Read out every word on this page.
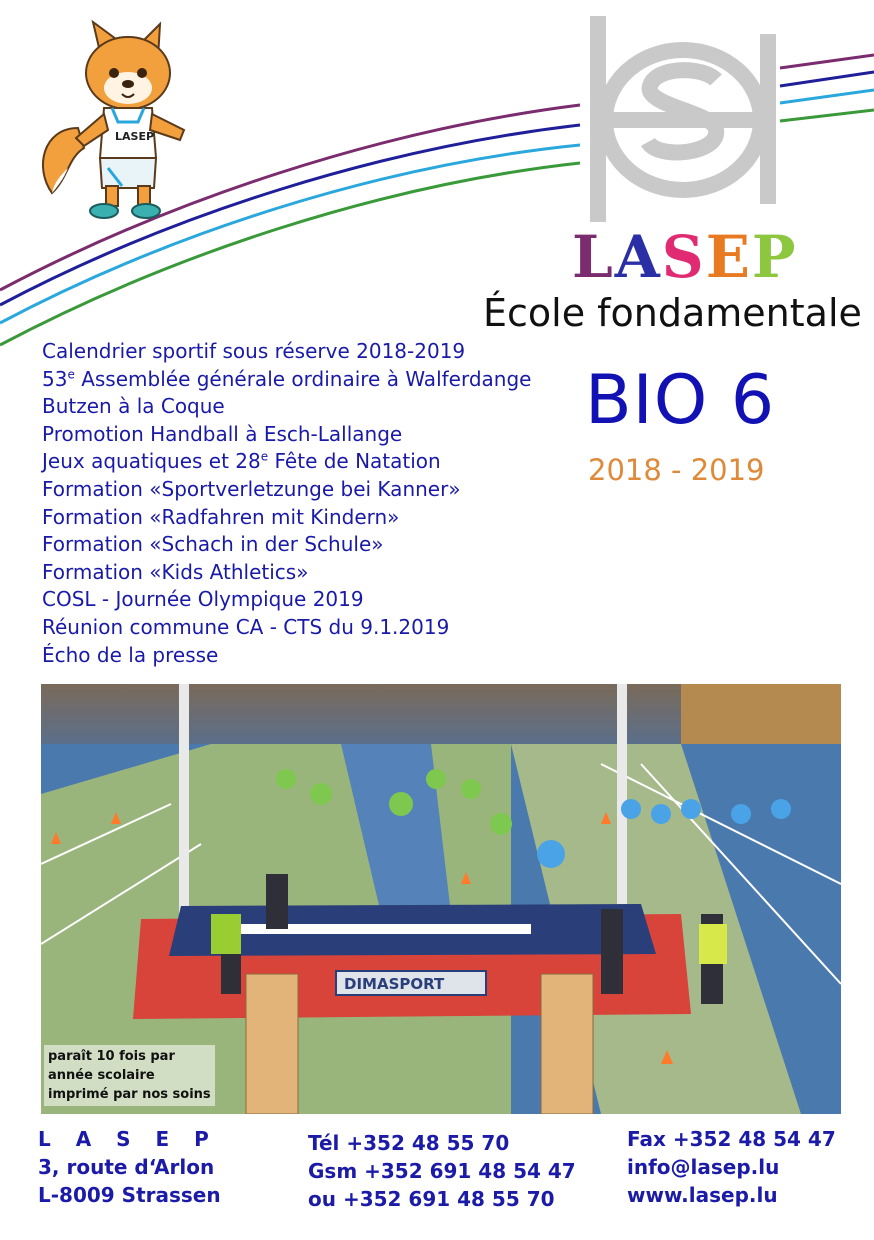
LASEP
LASEP
École fondamentale
Calendrier sportif sous réserve 2018-2019
53e Assemblée générale ordinaire à Walferdange
Butzen à la Coque
Promotion Handball à Esch-Lallange
Jeux aquatiques et 28e Fête de Natation
Formation «Sportverletzunge bei Kanner»
Formation «Radfahren mit Kindern»
Formation «Schach in der Schule»
Formation «Kids Athletics»
COSL - Journée Olympique 2019
Réunion commune CA - CTS du 9.1.2019
Écho de la presse
BIO 6
2018 - 2019
DIMASPORT
paraît 10 fois par
année scolaire
imprimé par nos soins
L A S E P
3, route d‘Arlon
L-8009 Strassen
Tél +352 48 55 70
Gsm +352 691 48 54 47
ou +352 691 48 55 70
Fax +352 48 54 47
info@lasep.lu
www.lasep.lu
